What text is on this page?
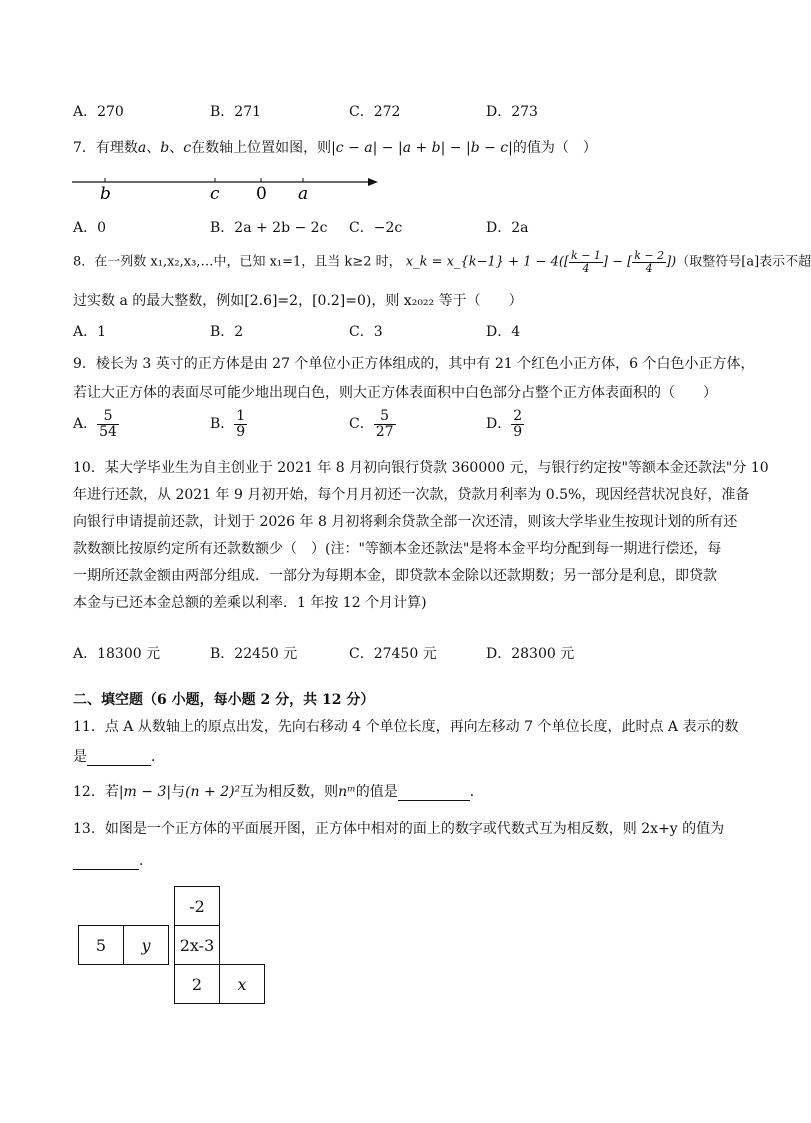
A．270	B．271	C．272	D．273
7．有理数a、b、c在数轴上位置如图，则|c − a| − |a + b| − |b − c|的值为（　）
b	c 0 a
A．0	B．2a + 2b − 2c C．−2c	D．2a
8．在一列数 x₁,x₂,x₃,…中，已知 x₁=1，且当 k≥2 时， x_k = x_{k−1} + $1 - 4([ \frac{k - 1}{4}$ ] − [ $\frac{k - 2}{4}$ ])（取整符号[a]表示不超
过实数 a 的最大整数，例如[2.6]=2，[0.2]=0)，则 x₂₀₂₂ 等于（　　）
A．1	B．2	C．3	D．4
9．棱长为 3 英寸的正方体是由 27 个单位小正方体组成的，其中有 21 个红色小正方体，6 个白色小正方体，
若让大正方体的表面尽可能少地出现白色，则大正方体表面积中白色部分占整个正方体表面积的（　　）
A． $\frac{5}{54}$	B． $\frac{1}{9}$	C． $\frac{5}{27}$	D． $\frac{2}{9}$
10．某大学毕业生为自主创业于 2021 年 8 月初向银行贷款 360000 元，与银行约定按"等额本金还款法"分 10
年进行还款，从 2021 年 9 月初开始，每个月月初还一次款，贷款月利率为 0.5%，现因经营状况良好，准备
向银行申请提前还款，计划于 2026 年 8 月初将剩余贷款全部一次还清，则该大学毕业生按现计划的所有还
款数额比按原约定所有还款数额少（　）(注："等额本金还款法"是将本金平均分配到每一期进行偿还，每
一期所还款金额由两部分组成．一部分为每期本金，即贷款本金除以还款期数；另一部分是利息，即贷款
本金与已还本金总额的差乘以利率．1 年按 12 个月计算)
A．18300 元	B．22450 元	C．27450 元	D．28300 元
二、填空题（6 小题，每小题 2 分，共 12 分）
11．点 A 从数轴上的原点出发，先向右移动 4 个单位长度，再向左移动 7 个单位长度，此时点 A 表示的数
是	．
12．若|m − 3|与(n + 2)²互为相反数，则nᵐ的值是	．
13．如图是一个正方体的平面展开图，正方体中相对的面上的数字或代数式互为相反数，则 2x+y 的值为
．
-2
5	y	2x-3
2	x
